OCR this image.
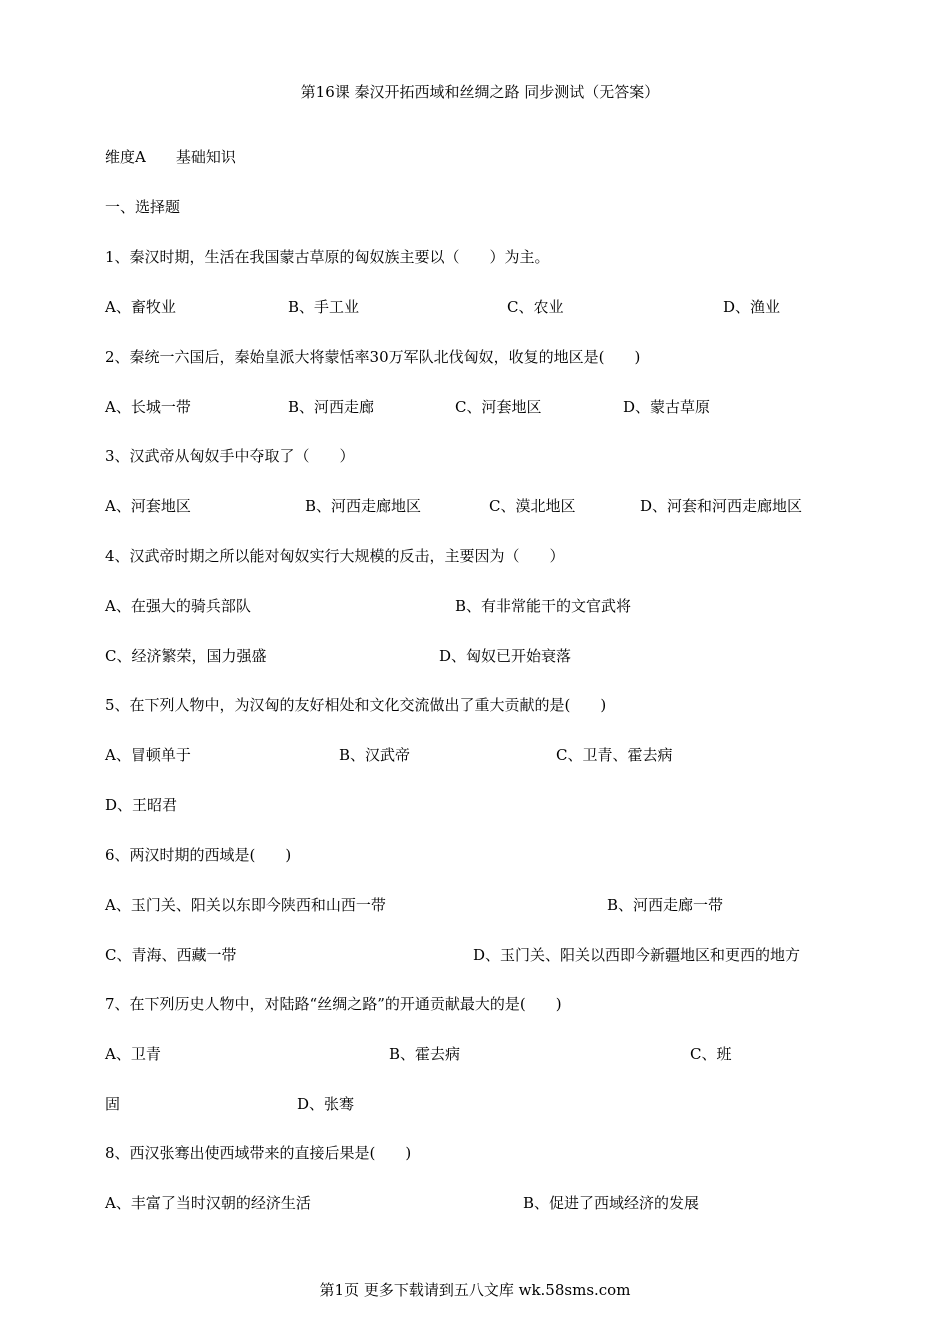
第16课 秦汉开拓西域和丝绸之路 同步测试（无答案）
维度A　　基础知识
一、选择题
1、秦汉时期，生活在我国蒙古草原的匈奴族主要以（　　）为主。
A、畜牧业	B、手工业	C、农业	D、渔业
2、秦统一六国后，秦始皇派大将蒙恬率30万军队北伐匈奴，收复的地区是(　　)
A、长城一带	B、河西走廊	C、河套地区	D、蒙古草原
3、汉武帝从匈奴手中夺取了（　　）
A、河套地区	B、河西走廊地区	C、漠北地区	D、河套和河西走廊地区
4、汉武帝时期之所以能对匈奴实行大规模的反击，主要因为（　　）
A、在强大的骑兵部队	B、有非常能干的文官武将
C、经济繁荣，国力强盛	D、匈奴已开始衰落
5、在下列人物中，为汉匈的友好相处和文化交流做出了重大贡献的是(　　)
A、冒顿单于	B、汉武帝	C、卫青、霍去病
D、王昭君
6、两汉时期的西域是(　　)
A、玉门关、阳关以东即今陕西和山西一带	B、河西走廊一带
C、青海、西藏一带	D、玉门关、阳关以西即今新疆地区和更西的地方
7、在下列历史人物中，对陆路“丝绸之路”的开通贡献最大的是(　　)
A、卫青	B、霍去病	C、班
固	D、张骞
8、西汉张骞出使西域带来的直接后果是(　　)
A、丰富了当时汉朝的经济生活	B、促进了西域经济的发展
第1页 更多下载请到五八文库 wk.58sms.com
